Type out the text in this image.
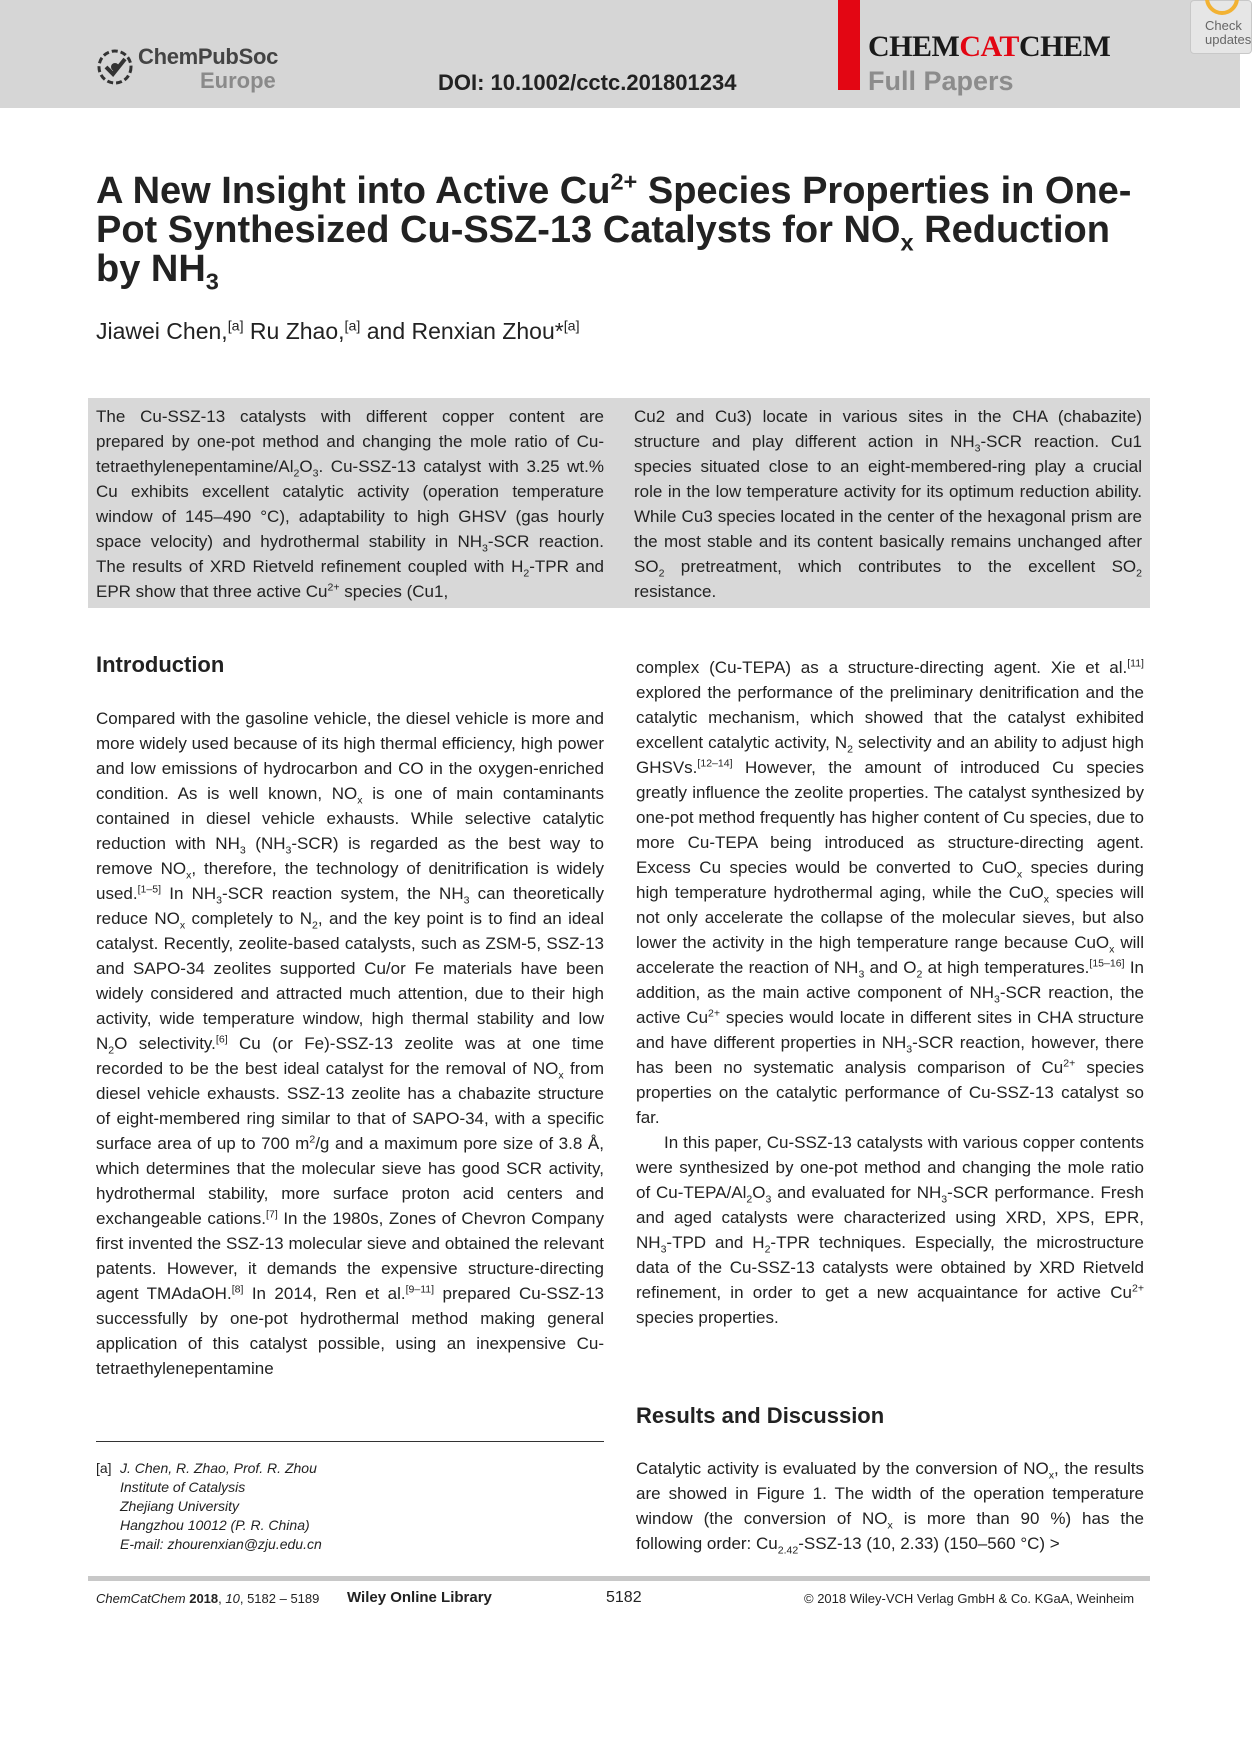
ChemPubSoc
Europe	DOI: 10.1002/cctc.201801234
CHEMCATCHEM
Full Papers
Check updates
A New Insight into Active $Cu^{2+}$ Species Properties in One-Pot Synthesized Cu-SSZ-13 Catalysts for $NO_x$ Reduction by $NH_3$
Jiawei Chen,[a] Ru Zhao,[a] and Renxian Zhou*[a]
The Cu-SSZ-13 catalysts with different copper content are prepared by one-pot method and changing the mole ratio of $Cu-tetraethylenepentamine/Al_2O_3$. Cu-SSZ-13 catalyst with 3.25 wt.% Cu exhibits excellent catalytic activity (operation temperature window of 145–490 °C), adaptability to high GHSV (gas hourly space velocity) and hydrothermal stability in $NH_3$-SCR reaction. The results of XRD Rietveld refinement coupled with $H_2$-TPR and EPR show that three active $Cu^{2+}$ species (Cu1,
Cu2 and Cu3) locate in various sites in the CHA (chabazite) structure and play different action in $NH_3$-SCR reaction. Cu1 species situated close to an eight-membered-ring play a crucial role in the low temperature activity for its optimum reduction ability. While Cu3 species located in the center of the hexagonal prism are the most stable and its content basically remains unchanged after $SO_2$ pretreatment, which contributes to the excellent $SO_2$ resistance.
Introduction

Compared with the gasoline vehicle, the diesel vehicle is more and more widely used because of its high thermal efficiency, high power and low emissions of hydrocarbon and CO in the oxygen-enriched condition. As is well known, $NO_x$ is one of main contaminants contained in diesel vehicle exhausts. While selective catalytic reduction with $NH_3$ $(NH_3-SCR)$ is regarded as the best way to remove $NO_x$, therefore, the technology of denitrification is widely used.[1–5] In $NH_3$-SCR reaction system, the $NH_3$ can theoretically reduce $NO_x$ completely to $N_2$, and the key point is to find an ideal catalyst. Recently, zeolite-based catalysts, such as ZSM-5, SSZ-13 and SAPO-34 zeolites supported Cu/or Fe materials have been widely considered and attracted much attention, due to their high activity, wide temperature window, high thermal stability and low $N_2O$ selectivity.[6] Cu (or Fe)-SSZ-13 zeolite was at one time recorded to be the best ideal catalyst for the removal of $NO_x$ from diesel vehicle exhausts. SSZ-13 zeolite has a chabazite structure of eight-membered ring similar to that of SAPO-34, with a specific surface area of up to 700 $m^2/g$ and a maximum pore size of 3.8 Å, which determines that the molecular sieve has good SCR activity, hydrothermal stability, more surface proton acid centers and exchangeable cations.[7] In the 1980s, Zones of Chevron Company first invented the SSZ-13 molecular sieve and obtained the relevant patents. However, it demands the expensive structure-directing agent TMAdaOH.[8] In 2014, Ren et al.[9–11] prepared Cu-SSZ-13 successfully by one-pot hydrothermal method making general application of this catalyst possible, using an inexpensive Cu-tetraethylenepentamine

[a] J. Chen, R. Zhao, Prof. R. Zhou
Institute of Catalysis
Zhejiang University
Hangzhou 10012 (P. R. China)
E-mail: zhourenxian@zju.edu.cn

complex (Cu-TEPA) as a structure-directing agent. Xie et al.[11] explored the performance of the preliminary denitrification and the catalytic mechanism, which showed that the catalyst exhibited excellent catalytic activity, $N_2$ selectivity and an ability to adjust high GHSVs.[12–14] However, the amount of introduced Cu species greatly influence the zeolite properties. The catalyst synthesized by one-pot method frequently has higher content of Cu species, due to more Cu-TEPA being introduced as structure-directing agent. Excess Cu species would be converted to CuO$_x$ species during high temperature hydrothermal aging, while the CuO$_x$ species will not only accelerate the collapse of the molecular sieves, but also lower the activity in the high temperature range because CuO$_x$ will accelerate the reaction of $NH_3$ and $O_2$ at high temperatures.[15–16] In addition, as the main active component of $NH_3$-SCR reaction, the active $Cu^{2+}$ species would locate in different sites in CHA structure and have different properties in $NH_3$-SCR reaction, however, there has been no systematic analysis comparison of $Cu^{2+}$ species properties on the catalytic performance of Cu-SSZ-13 catalyst so far.

In this paper, Cu-SSZ-13 catalysts with various copper contents were synthesized by one-pot method and changing the mole ratio of $Cu-TEPA/Al_2O_3$ and evaluated for $NH_3$-SCR performance. Fresh and aged catalysts were characterized using XRD, XPS, EPR, $NH_3$-TPD and $H_2$-TPR techniques. Especially, the microstructure data of the Cu-SSZ-13 catalysts were obtained by XRD Rietveld refinement, in order to get a new acquaintance for active $Cu^{2+}$ species properties.

Results and Discussion

Catalytic activity is evaluated by the conversion of $NO_x$, the results are showed in Figure 1. The width of the operation temperature window (the conversion of $NO_x$ is more than 90 %) has the following order: $Cu_{2.42}-SSZ-13$ (10, 2.33) (150–560 °C) >

ChemCatChem 2018, 10, 5182 – 5189 Wiley Online Library	5182	© 2018 Wiley-VCH Verlag GmbH & Co. KGaA, Weinheim
